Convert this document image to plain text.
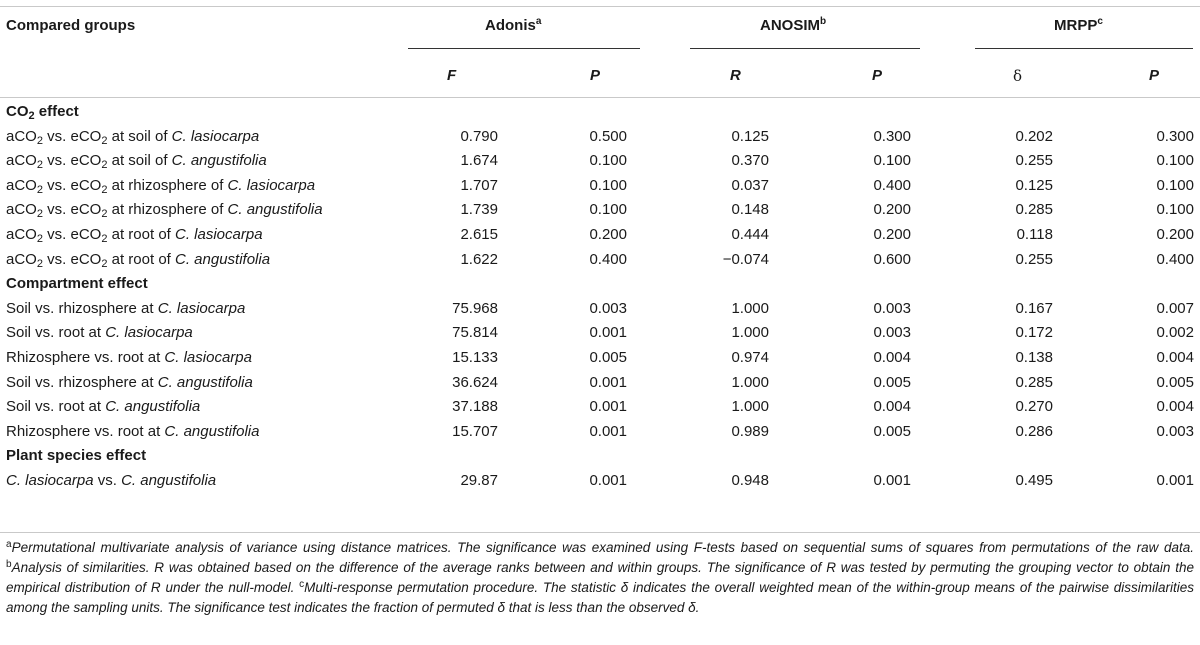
Compared groups	Adonis$^a$	ANOSIM$^b$	MRPP$^c$
F	P	R	P	δ	P
$CO_2$ effect
aCO$_2$ vs. eCO$_2$ at soil of C. lasiocarpa	0.790	0.500	0.125	0.300	0.202	0.300
aCO$_2$ vs. eCO$_2$ at soil of C. angustifolia	1.674	0.100	0.370	0.100	0.255	0.100
aCO$_2$ vs. eCO$_2$ at rhizosphere of C. lasiocarpa	1.707	0.100	0.037	0.400	0.125	0.100
aCO$_2$ vs. eCO$_2$ at rhizosphere of C. angustifolia	1.739	0.100	0.148	0.200	0.285	0.100
aCO$_2$ vs. eCO$_2$ at root of C. lasiocarpa	2.615	0.200	0.444	0.200	0.118	0.200
aCO$_2$ vs. eCO$_2$ at root of C. angustifolia	1.622	0.400	−0.074	0.600	0.255	0.400
Compartment effect
Soil vs. rhizosphere at C. lasiocarpa	75.968	0.003	1.000	0.003	0.167	0.007
Soil vs. root at C. lasiocarpa	75.814	0.001	1.000	0.003	0.172	0.002
Rhizosphere vs. root at C. lasiocarpa	15.133	0.005	0.974	0.004	0.138	0.004
Soil vs. rhizosphere at C. angustifolia	36.624	0.001	1.000	0.005	0.285	0.005
Soil vs. root at C. angustifolia	37.188	0.001	1.000	0.004	0.270	0.004
Rhizosphere vs. root at C. angustifolia	15.707	0.001	0.989	0.005	0.286	0.003
Plant species effect
C. lasiocarpa vs. C. angustifolia	29.87	0.001	0.948	0.001	0.495	0.001
$^a$Permutational multivariate analysis of variance using distance matrices. The significance was examined using F-tests based on sequential sums of squares from permutations of the raw data. $^b$Analysis of similarities. R was obtained based on the difference of the average ranks between and within groups. The significance of R was tested by permuting the grouping vector to obtain the empirical distribution of R under the null-model. $^c$Multi-response permutation procedure. The statistic δ indicates the overall weighted mean of the within-group means of the pairwise dissimilarities among the sampling units. The significance test indicates the fraction of permuted δ that is less than the observed δ.
